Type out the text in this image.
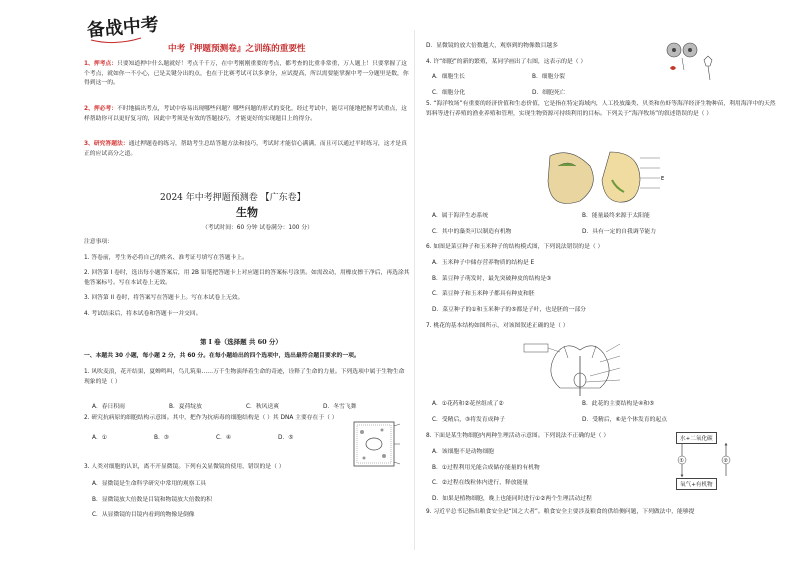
备战中考
中考『押题预测卷』之训练的重要性
1、押考点：只要知道押中什么题就好！考点千千万，在中考刚刚重要的考点，都考查的比重非常重，万人题上！只要掌握了这个考点，就如你一不小心，已是关键分出的点，也在于比赛考试可以多拿分，应试提高，所以需要能掌握中考一分题里是数，你得到这一的。
2、押必考：不时地搞出考点，考试中容易出现哪些问题？哪些问题的形式的变化，经过考试中，能尽可能地把握考试重点，这样帮助你可以更好复习的，因此中考须是有效的答题技巧，才能更好的实现题目上的得分。
3、研究答题法：通过押题卷的练习，帮助考生总结答题方法和技巧，考试时才能信心满满，而且可以通过平时练习，这才是真正的应试高分之道。
2024 年中考押题预测卷 【广东卷】
生物
（考试时间：60 分钟 试卷满分：100 分）
注意事项：
1. 答卷前，考生务必将自己的姓名、准考证号填写在答题卡上。
2. 回答第 I 卷时，选出每小题答案后，用 2B 铅笔把答题卡上对应题目的答案标号涂黑。如需改动，用橡皮擦干净后，再选涂其他答案标号。写在本试卷上无效。
3. 回答第 II 卷时，将答案写在答题卡上。写在本试卷上无效。
4. 考试结束后，将本试卷和答题卡一并交回。
第 I 卷（选择题 共 60 分）
一、本题共 30 小题，每小题 2 分，共 60 分。在每小题给出的四个选项中，选出最符合题目要求的一项。
1. 风吹麦浪，花开结果，夏蝉鸣叫，鸟儿筑巢……万千生物演绎着生命的奇迹，诠释了生命的力量。下列选项中属于生物生命现象的是（ ）
A．春日积雨	B．夏荷绽放	C．秋风送爽	D．冬雪飞舞
2. 研究抗病原的细胞结构示意图。其中，把作为抗病毒的细胞结构是（ ）其 DNA 主要存在于（ ）
A．①	B．③	C．④	D．⑤
3. 人类对细胞的认识，离不开显微镜。下列有关显微镜的使用，错误的是（ ）
A．显微镜是生命科学研究中常用的观察工具
B．显微镜放大倍数是目镜和物镜放大倍数的积
C．从显微镜的目镜内看到的物像是倒像
D．显微镜的放大倍数越大，观察到的物像数目越多
4. 许“细胞”的新的繁殖，某同学画出了右图，这表示的是（ ）
A．细胞生长	B．细胞分裂
C．细胞分化	D．细胞死亡
5. “海洋牧场”有重要的经济价值和生态价值，它是指在特定海域内，人工投放藻类、贝类和鱼虾等海洋经济生物种苗，利用海洋中的天然饵料等进行养殖的渔业养殖和管理，实现生物资源可持续利用的目标。下列关于“海洋牧场”的叙述错误的是（ ）
E
A．属于海洋生态系统	B．能量最终来源于太阳能
C．其中的藻类可以制造有机物	D．具有一定的自我调节能力
6. 如图是菜豆种子和玉米种子的结构模式图，下列说法错误的是（ ）
A．玉米种子中储存营养物质的结构是 E
B．菜豆种子萌发时，最先突破种皮的结构是③
C．菜豆种子和玉米种子都具有种皮和胚
D．菜豆种子的①和玉米种子的⑤都是子叶，也是胚的一部分
7. 桃花的基本结构如图所示，对该图叙述正确的是（ ）
A．①花药和②花丝组成了②	B．此花的主要结构是④和⑤
C．受精后，③将发育成种子	D．受精后，⑥是个体发育的起点
8. 下面是某生物细胞内两种生理活动示意图。下列说法不正确的是（ ）
A．该细胞不是动物细胞
B．①过程利用光能合成储存能量的有机物
C．②过程在线粒体内进行，释放能量
D．如果是植物细胞，晚上也能同时进行①②两个生理活动过程
水+二氧化碳
氧气+有机物
①	②
9. 习近平总书记指出粮食安全是“国之大者”。粮食安全主要涉及粮食的供给侧问题，下列做法中，能够提
